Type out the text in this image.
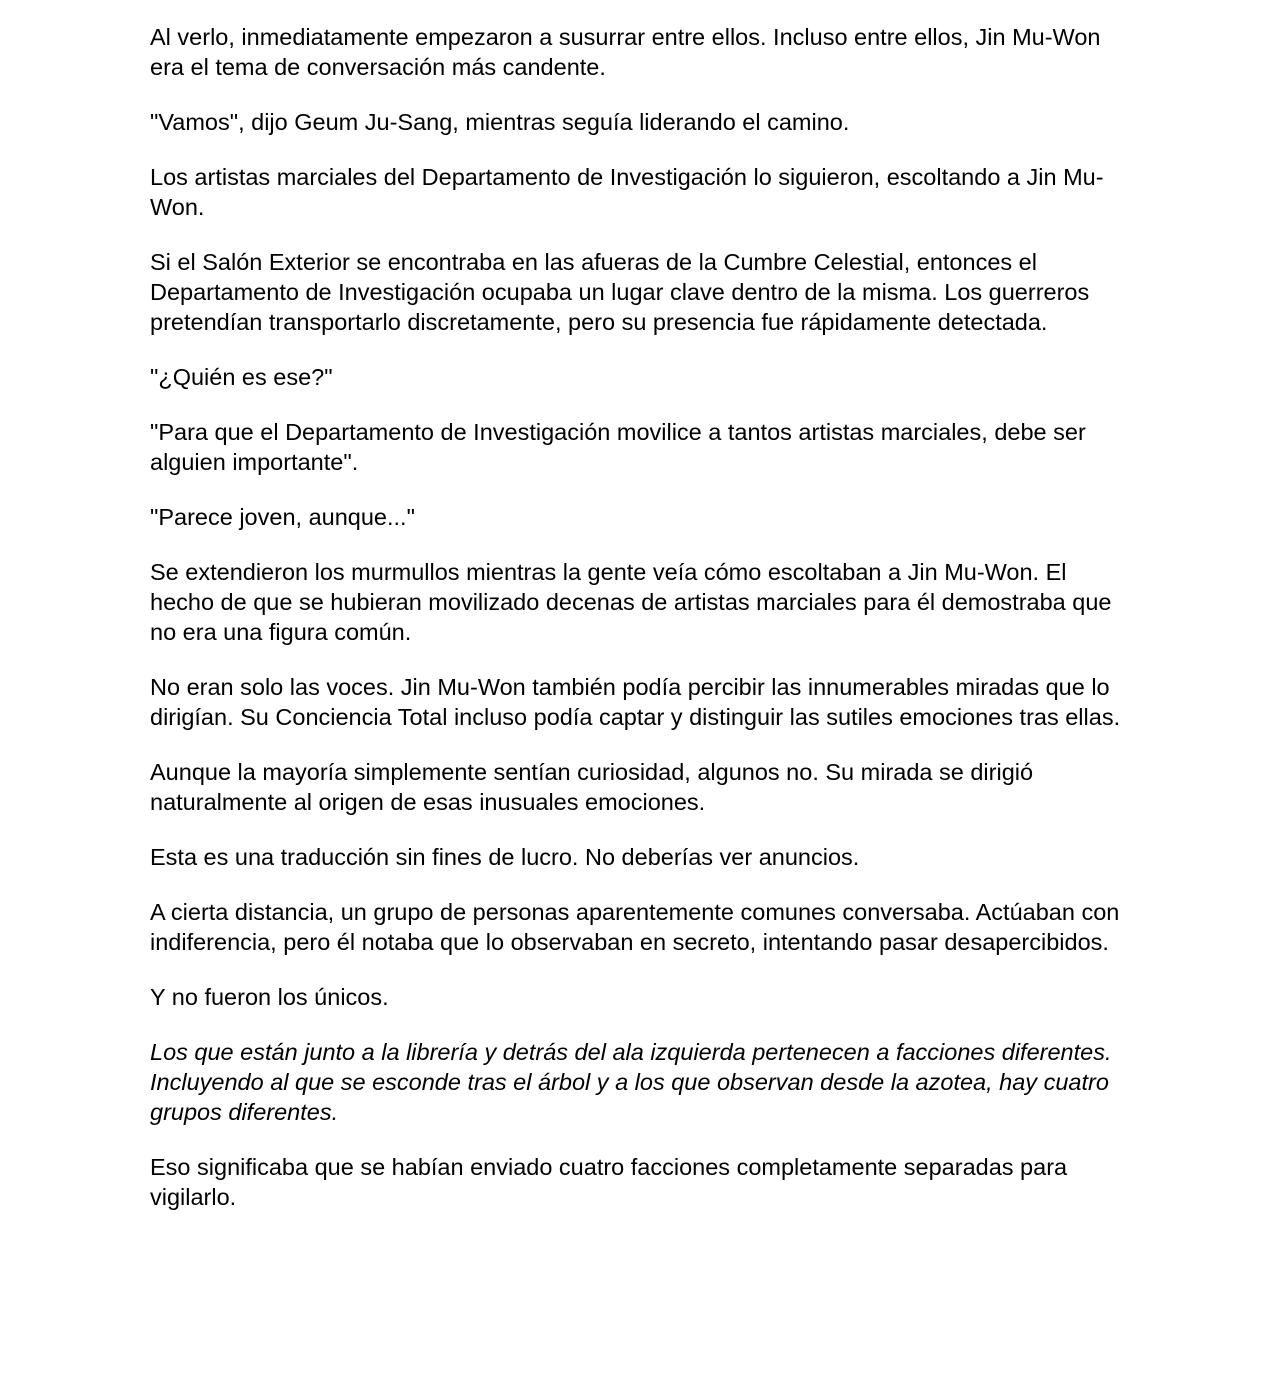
Al verlo, inmediatamente empezaron a susurrar entre ellos. Incluso entre ellos, Jin Mu-Won era el tema de conversación más candente.

"Vamos", dijo Geum Ju-Sang, mientras seguía liderando el camino.

Los artistas marciales del Departamento de Investigación lo siguieron, escoltando a Jin Mu-Won.

Si el Salón Exterior se encontraba en las afueras de la Cumbre Celestial, entonces el Departamento de Investigación ocupaba un lugar clave dentro de la misma. Los guerreros pretendían transportarlo discretamente, pero su presencia fue rápidamente detectada.

"¿Quién es ese?"

"Para que el Departamento de Investigación movilice a tantos artistas marciales, debe ser alguien importante".

"Parece joven, aunque..."

Se extendieron los murmullos mientras la gente veía cómo escoltaban a Jin Mu-Won. El hecho de que se hubieran movilizado decenas de artistas marciales para él demostraba que no era una figura común.

No eran solo las voces. Jin Mu-Won también podía percibir las innumerables miradas que lo dirigían. Su Conciencia Total incluso podía captar y distinguir las sutiles emociones tras ellas.

Aunque la mayoría simplemente sentían curiosidad, algunos no. Su mirada se dirigió naturalmente al origen de esas inusuales emociones.

Esta es una traducción sin fines de lucro. No deberías ver anuncios.

A cierta distancia, un grupo de personas aparentemente comunes conversaba. Actúaban con indiferencia, pero él notaba que lo observaban en secreto, intentando pasar desapercibidos.

Y no fueron los únicos.

Los que están junto a la librería y detrás del ala izquierda pertenecen a facciones diferentes. Incluyendo al que se esconde tras el árbol y a los que observan desde la azotea, hay cuatro grupos diferentes.

Eso significaba que se habían enviado cuatro facciones completamente separadas para vigilarlo.
